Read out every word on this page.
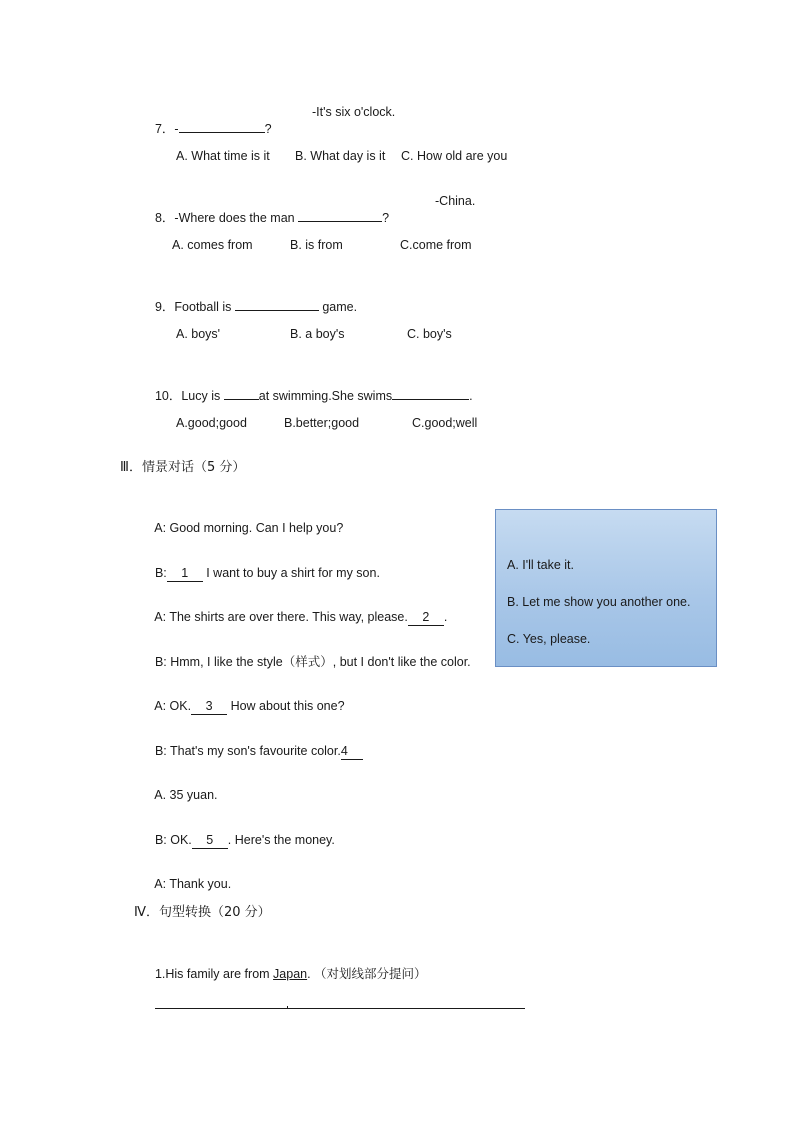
7．-	?

-It's six o'clock.
A. What time is it B. What day is it C. How old are you

8．-Where does the man	?

-China.
A. comes from	B. is from	C.come from

9．Football is	game.

A. boys'	B. a boy's	C. boy's

10．Lucy is	at swimming.She swims	.

A.good;good	B.better;good	C.good;well
Ⅲ．情景对话（5 分）

A: Good morning. Can I help you?

B: 1 I want to buy a shirt for my son.

A: The shirts are over there. This way, please. 2 .

B: Hmm, I like the style（样式）, but I don't like the color.

A: OK. 3 How about this one?

B: That's my son's favourite color.4

A. 35 yuan.

B: OK. 5 . Here's the money.

A: Thank you.

A. I'll take it.
B. Let me show you another one.
C. Yes, please.
Ⅳ．句型转换（20 分）

1.His family are from Japan. （对划线部分提问）
